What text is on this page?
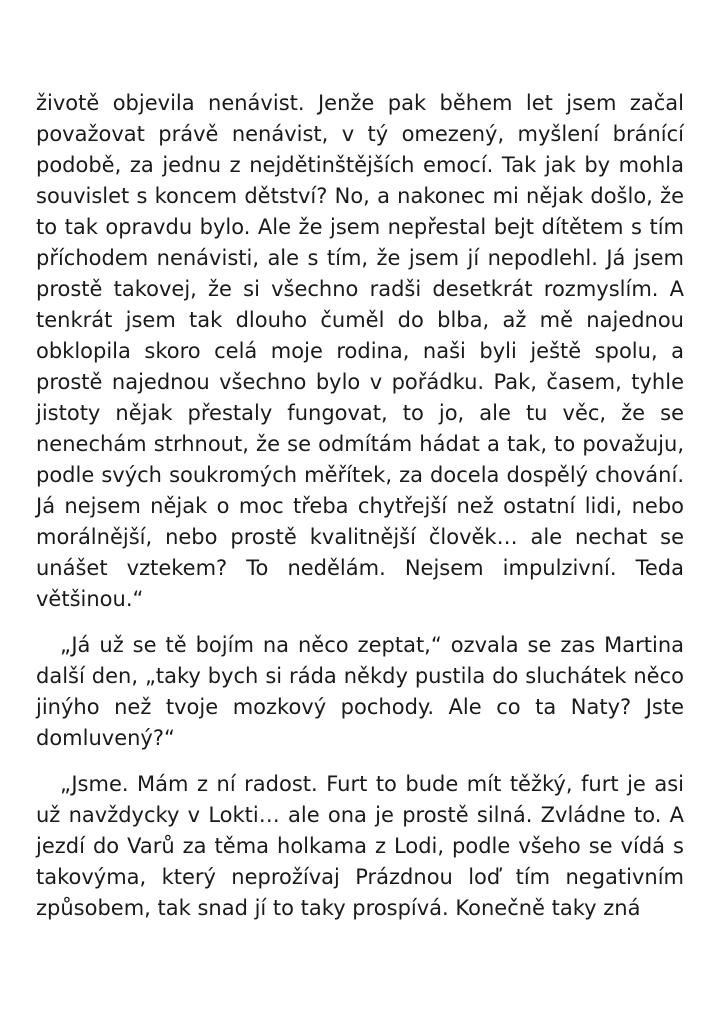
životě objevila nenávist. Jenže pak během let jsem začal považovat právě nenávist, v tý omezený, myšlení bránící podobě, za jednu z nejdětinštějších emocí. Tak jak by mohla souvislet s koncem dětství? No, a nakonec mi nějak došlo, že to tak opravdu bylo. Ale že jsem nepřestal bejt dítětem s tím příchodem nenávisti, ale s tím, že jsem jí nepodlehl. Já jsem prostě takovej, že si všechno radši desetkrát rozmyslím. A tenkrát jsem tak dlouho čuměl do blba, až mě najednou obklopila skoro celá moje rodina, naši byli ještě spolu, a prostě najednou všechno bylo v pořádku. Pak, časem, tyhle jistoty nějak přestaly fungovat, to jo, ale tu věc, že se nenechám strhnout, že se odmítám hádat a tak, to považuju, podle svých soukromých měřítek, za docela dospělý chování. Já nejsem nějak o moc třeba chytřejší než ostatní lidi, nebo morálnější, nebo prostě kvalitnější člověk… ale nechat se unášet vztekem? To nedělám. Nejsem impulzivní. Teda většinou.“

„Já už se tě bojím na něco zeptat,“ ozvala se zas Martina další den, „taky bych si ráda někdy pustila do sluchátek něco jinýho než tvoje mozkový pochody. Ale co ta Naty? Jste domluvený?“

„Jsme. Mám z ní radost. Furt to bude mít těžký, furt je asi už navždycky v Lokti… ale ona je prostě silná. Zvládne to. A jezdí do Varů za těma holkama z Lodi, podle všeho se vídá s takovýma, který neprožívaj Prázdnou loď tím negativním způsobem, tak snad jí to taky prospívá. Konečně taky zná
